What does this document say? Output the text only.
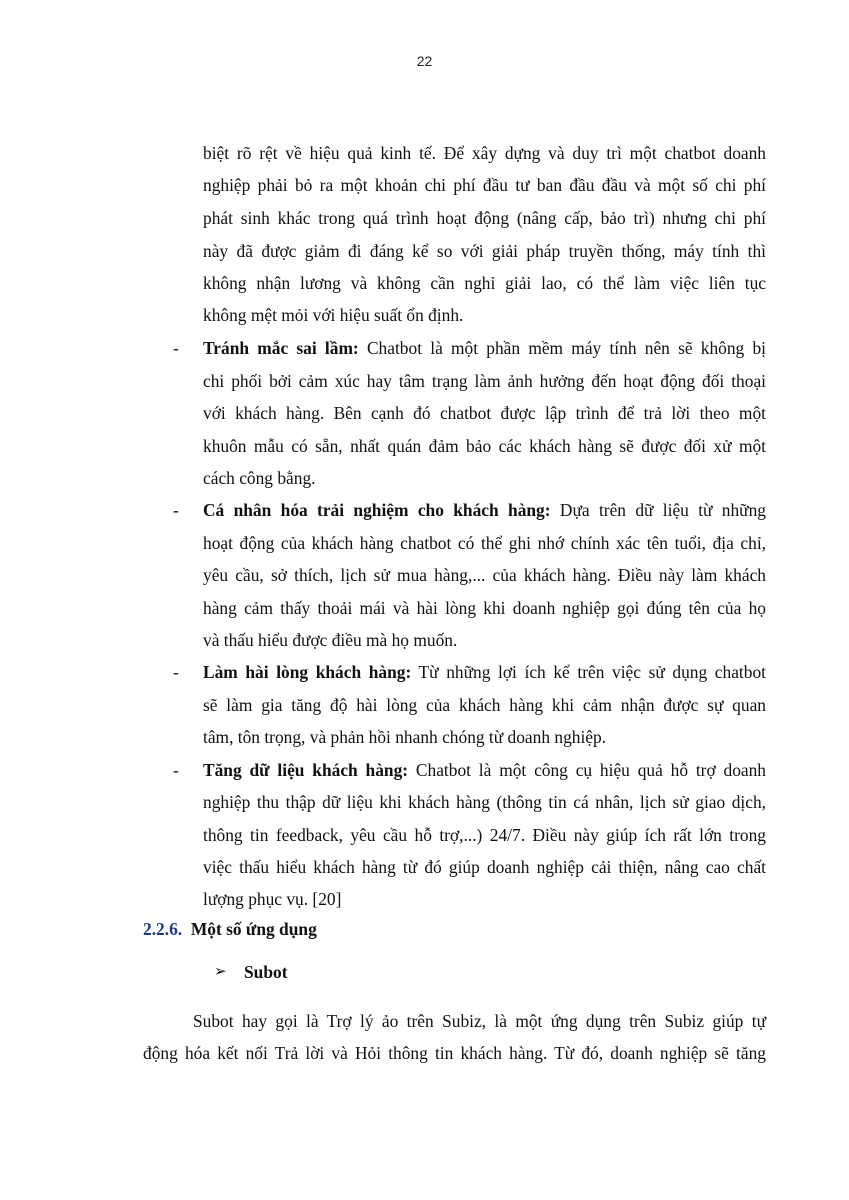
22
biệt rõ rệt về hiệu quả kinh tế. Để xây dựng và duy trì một chatbot doanh
nghiệp phải bỏ ra một khoản chi phí đầu tư ban đầu đầu và một số chi phí
phát sinh khác trong quá trình hoạt động (nâng cấp, bảo trì) nhưng chi phí
này đã được giảm đi đáng kể so với giải pháp truyền thống, máy tính thì
không nhận lương và không cần nghỉ giải lao, có thể làm việc liên tục
không mệt mỏi với hiệu suất ổn định.
- Tránh mắc sai lầm: Chatbot là một phần mềm máy tính nên sẽ không bị
chi phối bởi cảm xúc hay tâm trạng làm ảnh hưởng đến hoạt động đối thoại
với khách hàng. Bên cạnh đó chatbot được lập trình để trả lời theo một
khuôn mẫu có sẵn, nhất quán đảm bảo các khách hàng sẽ được đối xử một
cách công bằng.
- Cá nhân hóa trải nghiệm cho khách hàng: Dựa trên dữ liệu từ những
hoạt động của khách hàng chatbot có thể ghi nhớ chính xác tên tuổi, địa chỉ,
yêu cầu, sở thích, lịch sử mua hàng,... của khách hàng. Điều này làm khách
hàng cảm thấy thoải mái và hài lòng khi doanh nghiệp gọi đúng tên của họ
và thấu hiểu được điều mà họ muốn.
- Làm hài lòng khách hàng: Từ những lợi ích kể trên việc sử dụng chatbot
sẽ làm gia tăng độ hài lòng của khách hàng khi cảm nhận được sự quan
tâm, tôn trọng, và phản hồi nhanh chóng từ doanh nghiệp.
- Tăng dữ liệu khách hàng: Chatbot là một công cụ hiệu quả hỗ trợ doanh
nghiệp thu thập dữ liệu khi khách hàng (thông tin cá nhân, lịch sử giao dịch,
thông tin feedback, yêu cầu hỗ trợ,...) 24/7. Điều này giúp ích rất lớn trong
việc thấu hiểu khách hàng từ đó giúp doanh nghiệp cải thiện, nâng cao chất
lượng phục vụ. [20]
2.2.6. Một số ứng dụng
➢ Subot
Subot hay gọi là Trợ lý ảo trên Subiz, là một ứng dụng trên Subiz giúp tự
động hóa kết nối Trả lời và Hỏi thông tin khách hàng. Từ đó, doanh nghiệp sẽ tăng
